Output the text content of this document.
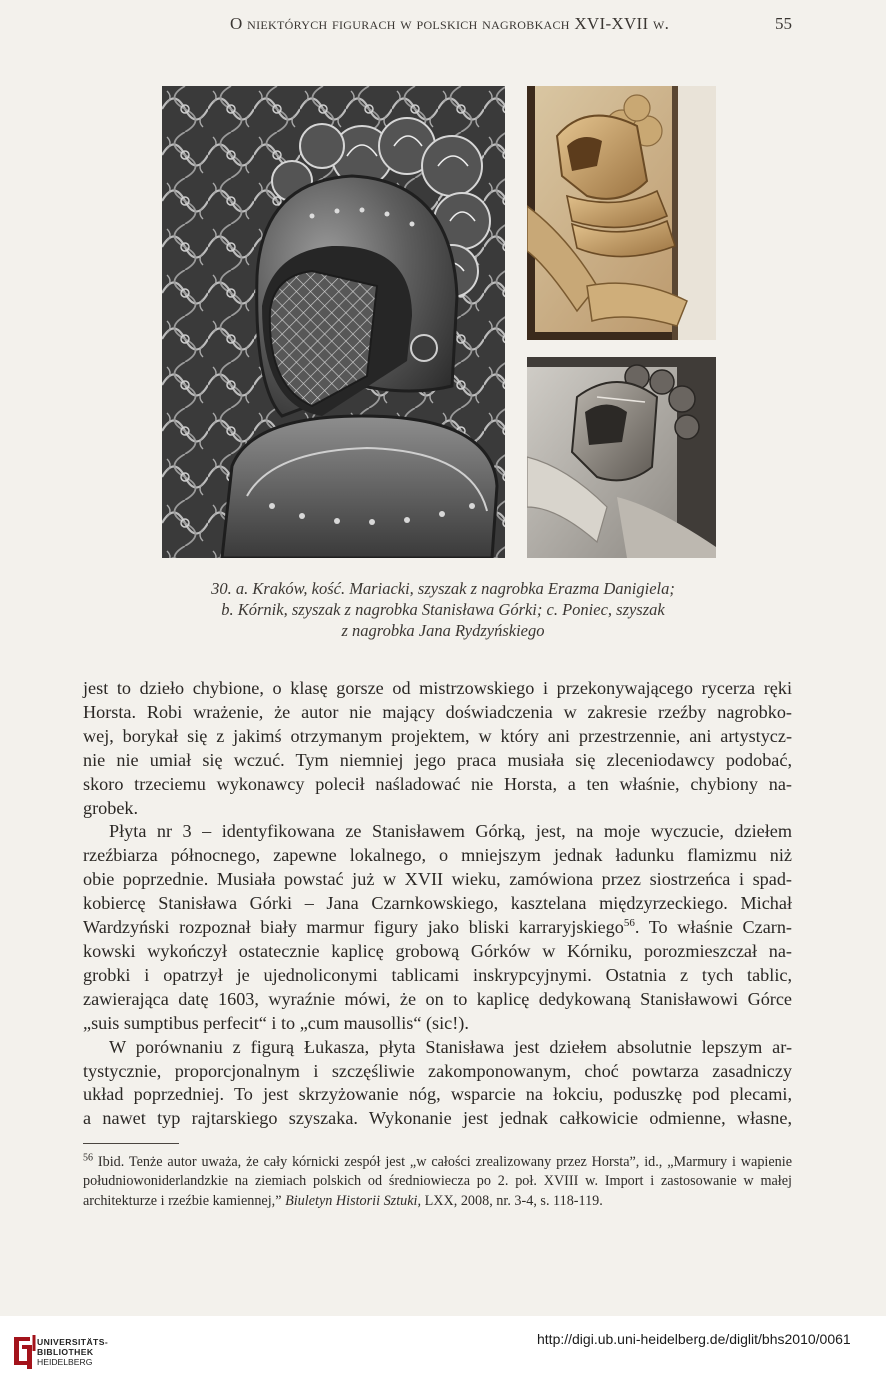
O niektórych figurach w polskich nagrobkach XVI-XVII w.	55
30. a. Kraków, kość. Mariacki, szyszak z nagrobka Erazma Danigiela;
b. Kórnik, szyszak z nagrobka Stanisława Górki; c. Poniec, szyszak
z nagrobka Jana Rydzyńskiego

jest to dzieło chybione, o klasę gorsze od mistrzowskiego i przekonywającego rycerza ręki
Horsta. Robi wrażenie, że autor nie mający doświadczenia w zakresie rzeźby nagrobko-
wej, borykał się z jakimś otrzymanym projektem, w który ani przestrzennie, ani artystycz-
nie nie umiał się wczuć. Tym niemniej jego praca musiała się zleceniodawcy podobać,
skoro trzeciemu wykonawcy polecił naśladować nie Horsta, a ten właśnie, chybiony na-
grobek.

Płyta nr 3 – identyfikowana ze Stanisławem Górką, jest, na moje wyczucie, dziełem
rzeźbiarza północnego, zapewne lokalnego, o mniejszym jednak ładunku flamizmu niż
obie poprzednie. Musiała powstać już w XVII wieku, zamówiona przez siostrzeńca i spad-
kobiercę Stanisława Górki – Jana Czarnkowskiego, kasztelana międzyrzeckiego. Michał
Wardzyński rozpoznał biały marmur figury jako bliski karraryjskiego$^{56}$. To właśnie Czarn-
kowski wykończył ostatecznie kaplicę grobową Górków w Kórniku, porozmieszczał na-
grobki i opatrzył je ujednoliconymi tablicami inskrypcyjnymi. Ostatnia z tych tablic,
zawierająca datę 1603, wyraźnie mówi, że on to kaplicę dedykowaną Stanisławowi Górce
„suis sumptibus perfecit“ i to „cum mausollis“ (sic!).

W porównaniu z figurą Łukasza, płyta Stanisława jest dziełem absolutnie lepszym ar-
tystycznie, proporcjonalnym i szczęśliwie zakomponowanym, choć powtarza zasadniczy
układ poprzedniej. To jest skrzyżowanie nóg, wsparcie na łokciu, poduszkę pod plecami,
a nawet typ rajtarskiego szyszaka. Wykonanie jest jednak całkowicie odmienne, własne,

$^{56}$ Ibid. Tenże autor uważa, że cały kórnicki zespół jest „w całości zrealizowany przez Horsta”, id., „Marmury i wapienie
południowoniderlandzkie na ziemiach polskich od średniowiecza po 2. poł. XVIII w. Import i zastosowanie w małej
architekturze i rzeźbie kamiennej,” Biuletyn Historii Sztuki, LXX, 2008, nr. 3-4, s. 118-119.
UNIVERSITÄTS-
BIBLIOTHEK
HEIDELBERG
http://digi.ub.uni-heidelberg.de/diglit/bhs2010/0061
